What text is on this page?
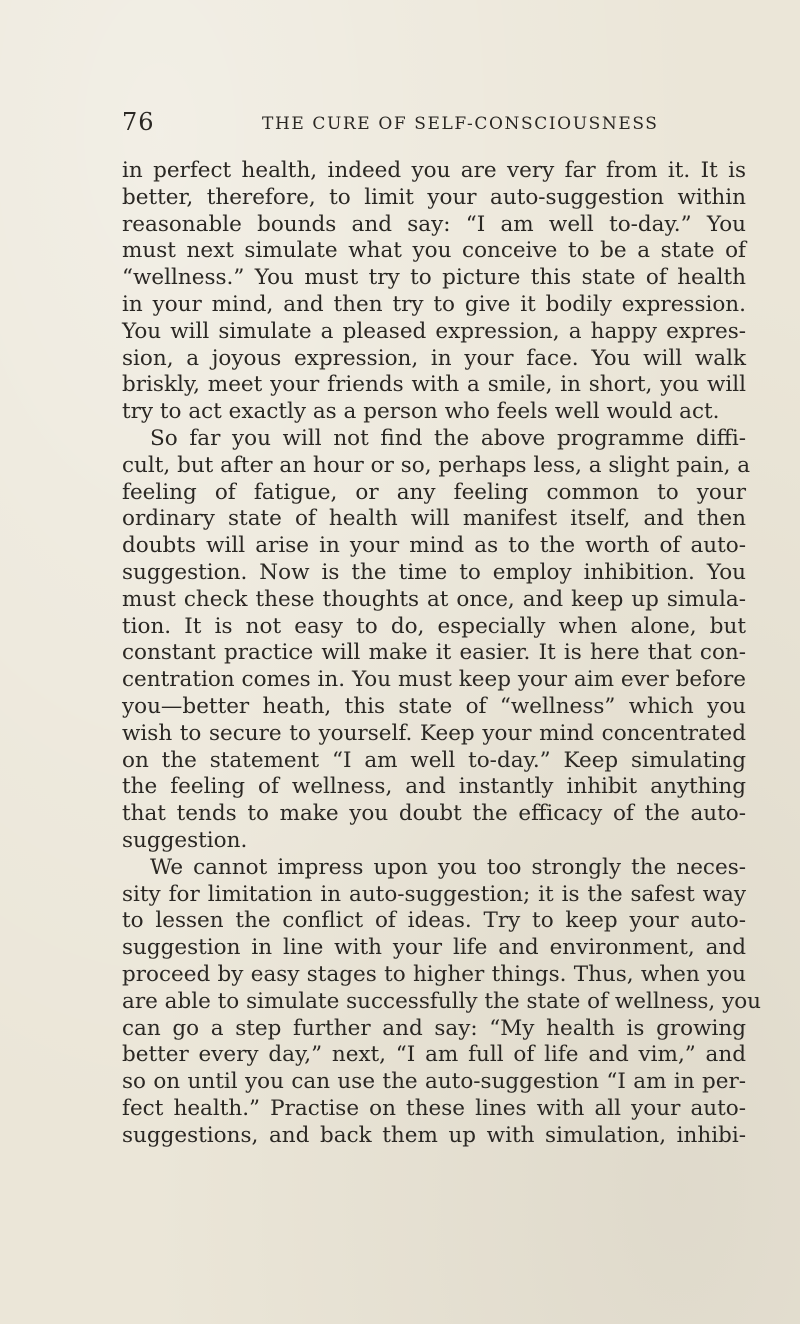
76	THE CURE OF SELF-CONSCIOUSNESS
in perfect health, indeed you are very far from it. It is
better, therefore, to limit your auto-suggestion within
reasonable bounds and say: “I am well to-day.” You
must next simulate what you conceive to be a state of
“wellness.” You must try to picture this state of health
in your mind, and then try to give it bodily expression.
You will simulate a pleased expression, a happy expres-
sion, a joyous expression, in your face. You will walk
briskly, meet your friends with a smile, in short, you will
try to act exactly as a person who feels well would act.
So far you will not find the above programme diffi-
cult, but after an hour or so, perhaps less, a slight pain, a
feeling of fatigue, or any feeling common to your
ordinary state of health will manifest itself, and then
doubts will arise in your mind as to the worth of auto-
suggestion. Now is the time to employ inhibition. You
must check these thoughts at once, and keep up simula-
tion. It is not easy to do, especially when alone, but
constant practice will make it easier. It is here that con-
centration comes in. You must keep your aim ever before
you—better heath, this state of “wellness” which you
wish to secure to yourself. Keep your mind concentrated
on the statement “I am well to-day.” Keep simulating
the feeling of wellness, and instantly inhibit anything
that tends to make you doubt the efficacy of the auto-
suggestion.
We cannot impress upon you too strongly the neces-
sity for limitation in auto-suggestion; it is the safest way
to lessen the conflict of ideas. Try to keep your auto-
suggestion in line with your life and environment, and
proceed by easy stages to higher things. Thus, when you
are able to simulate successfully the state of wellness, you
can go a step further and say: “My health is growing
better every day,” next, “I am full of life and vim,” and
so on until you can use the auto-suggestion “I am in per-
fect health.” Practise on these lines with all your auto-
suggestions, and back them up with simulation, inhibi-
